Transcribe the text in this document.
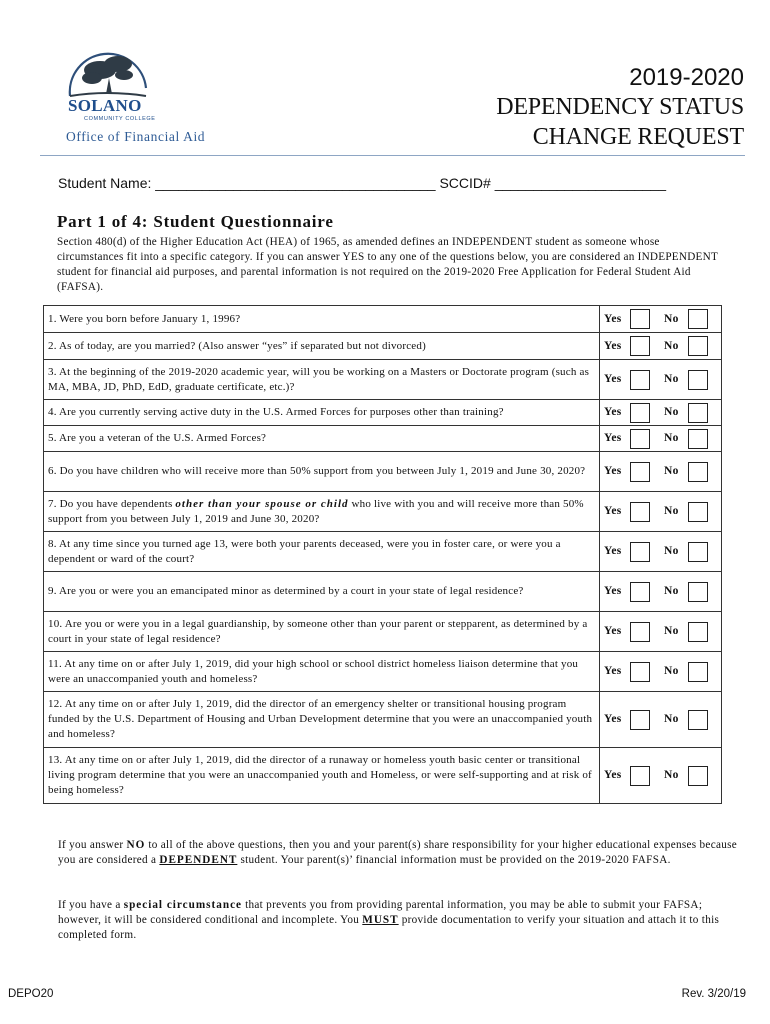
SOLANO
COMMUNITY COLLEGE
Office of Financial Aid
2019-2020
DEPENDENCY STATUS
CHANGE REQUEST
Student Name: ____________________________________ SCCID# ______________________
Part 1 of 4: Student Questionnaire
Section 480(d) of the Higher Education Act (HEA) of 1965, as amended defines an INDEPENDENT student as someone whose circumstances fit into a specific category. If you can answer YES to any one of the questions below, you are considered an INDEPENDENT student for financial aid purposes, and parental information is not required on the 2019-2020 Free Application for Federal Student Aid (FAFSA).
1. Were you born before January 1, 1996?	Yes No

2. As of today, are you married? (Also answer “yes” if separated but not divorced)	Yes No

3. At the beginning of the 2019-2020 academic year, will you be working on a Masters or Doctorate program (such as MA, MBA, JD, PhD, EdD, graduate certificate, etc.)?	Yes No

4. Are you currently serving active duty in the U.S. Armed Forces for purposes other than training?	Yes No

5. Are you a veteran of the U.S. Armed Forces?	Yes No

6. Do you have children who will receive more than 50% support from you between July 1, 2019 and June 30, 2020?	Yes No

7. Do you have dependents other than your spouse or child who live with you and will receive more than 50% support from you between July 1, 2019 and June 30, 2020?	Yes No

8. At any time since you turned age 13, were both your parents deceased, were you in foster care, or were you a dependent or ward of the court?	Yes No

9. Are you or were you an emancipated minor as determined by a court in your state of legal residence?	Yes No

10. Are you or were you in a legal guardianship, by someone other than your parent or stepparent, as determined by a court in your state of legal residence?	Yes No

11. At any time on or after July 1, 2019, did your high school or school district homeless liaison determine that you were an unaccompanied youth and homeless?	Yes No

12. At any time on or after July 1, 2019, did the director of an emergency shelter or transitional housing program funded by the U.S. Department of Housing and Urban Development determine that you were an unaccompanied youth and homeless?	Yes No

13. At any time on or after July 1, 2019, did the director of a runaway or homeless youth basic center or transitional living program determine that you were an unaccompanied youth and Homeless, or were self-supporting and at risk of being homeless?	Yes No
If you answer NO to all of the above questions, then you and your parent(s) share responsibility for your higher educational expenses because you are considered a DEPENDENT student. Your parent(s)’ financial information must be provided on the 2019-2020 FAFSA.
If you have a special circumstance that prevents you from providing parental information, you may be able to submit your FAFSA; however, it will be considered conditional and incomplete. You MUST provide documentation to verify your situation and attach it to this completed form.
DEPO20	Rev. 3/20/19
